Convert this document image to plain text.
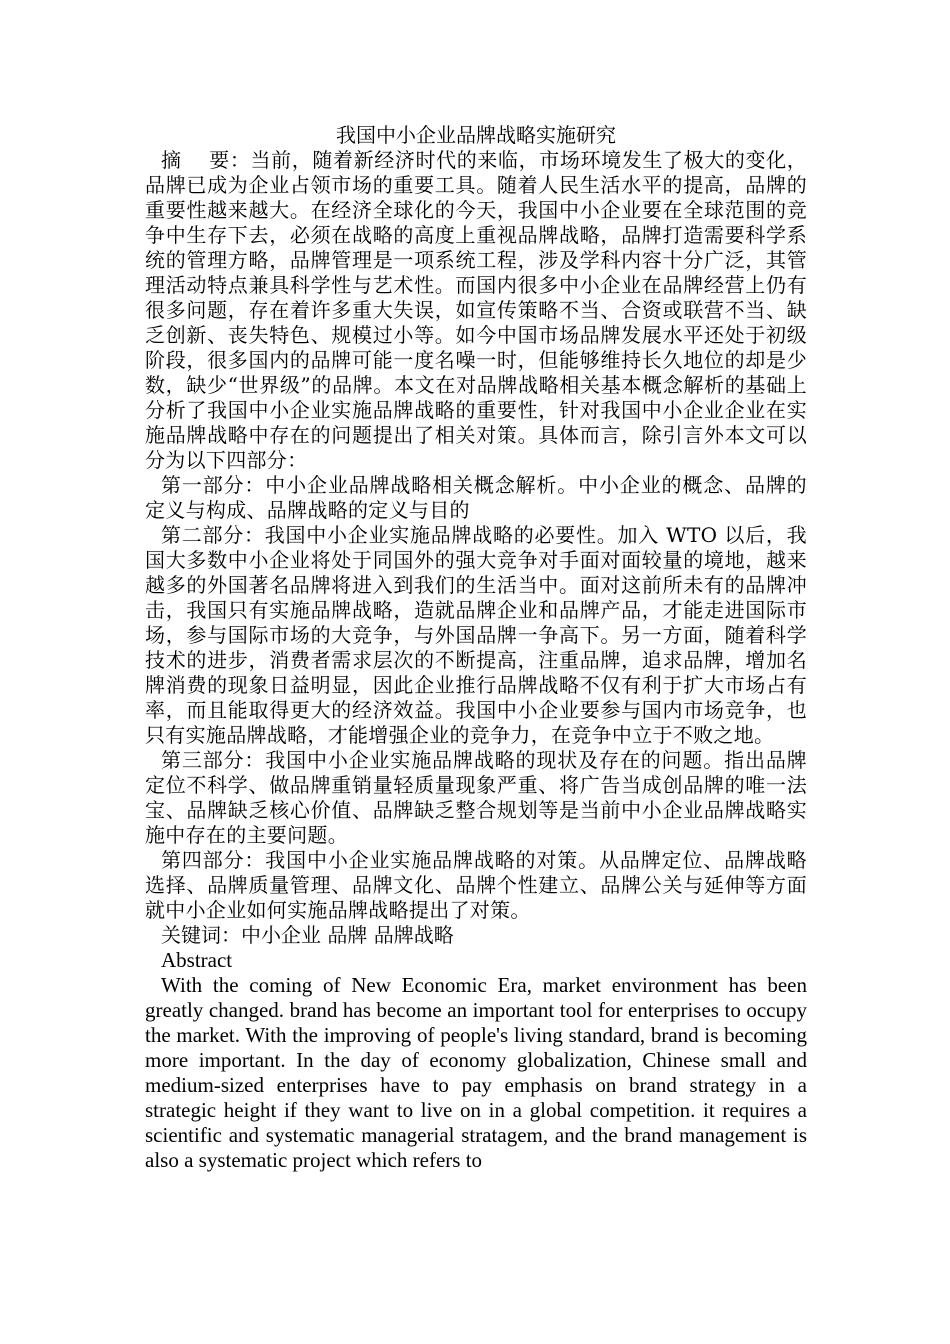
我国中小企业品牌战略实施研究

摘　 要：当前，随着新经济时代的来临，市场环境发生了极大的变化，品牌已成为企业占领市场的重要工具。随着人民生活水平的提高，品牌的重要性越来越大。在经济全球化的今天，我国中小企业要在全球范围的竞争中生存下去，必须在战略的高度上重视品牌战略，品牌打造需要科学系统的管理方略，品牌管理是一项系统工程，涉及学科内容十分广泛，其管理活动特点兼具科学性与艺术性。而国内很多中小企业在品牌经营上仍有很多问题，存在着许多重大失误，如宣传策略不当、合资或联营不当、缺乏创新、丧失特色、规模过小等。如今中国市场品牌发展水平还处于初级阶段，很多国内的品牌可能一度名噪一时，但能够维持长久地位的却是少数，缺少“世界级”的品牌。本文在对品牌战略相关基本概念解析的基础上分析了我国中小企业实施品牌战略的重要性，针对我国中小企业企业在实施品牌战略中存在的问题提出了相关对策。具体而言，除引言外本文可以分为以下四部分：

第一部分：中小企业品牌战略相关概念解析。中小企业的概念、品牌的定义与构成、品牌战略的定义与目的

第二部分：我国中小企业实施品牌战略的必要性。加入 WTO 以后，我国大多数中小企业将处于同国外的强大竞争对手面对面较量的境地，越来越多的外国著名品牌将进入到我们的生活当中。面对这前所未有的品牌冲击，我国只有实施品牌战略，造就品牌企业和品牌产品，才能走进国际市场，参与国际市场的大竞争，与外国品牌一争高下。另一方面，随着科学技术的进步，消费者需求层次的不断提高，注重品牌，追求品牌，增加名牌消费的现象日益明显，因此企业推行品牌战略不仅有利于扩大市场占有率，而且能取得更大的经济效益。我国中小企业要参与国内市场竞争，也只有实施品牌战略，才能增强企业的竞争力，在竞争中立于不败之地。

第三部分：我国中小企业实施品牌战略的现状及存在的问题。指出品牌定位不科学、做品牌重销量轻质量现象严重、将广告当成创品牌的唯一法宝、品牌缺乏核心价值、品牌缺乏整合规划等是当前中小企业品牌战略实施中存在的主要问题。

第四部分：我国中小企业实施品牌战略的对策。从品牌定位、品牌战略选择、品牌质量管理、品牌文化、品牌个性建立、品牌公关与延伸等方面就中小企业如何实施品牌战略提出了对策。

关键词：中小企业 品牌 品牌战略

Abstract

With the coming of New Economic Era, market environment has been greatly changed. brand has become an important tool for enterprises to occupy the market. With the improving of people's living standard, brand is becoming more important. In the day of economy globalization, Chinese small and medium-sized enterprises have to pay emphasis on brand strategy in a strategic height if they want to live on in a global competition. it requires a scientific and systematic managerial stratagem, and the brand management is also a systematic project which refers to
